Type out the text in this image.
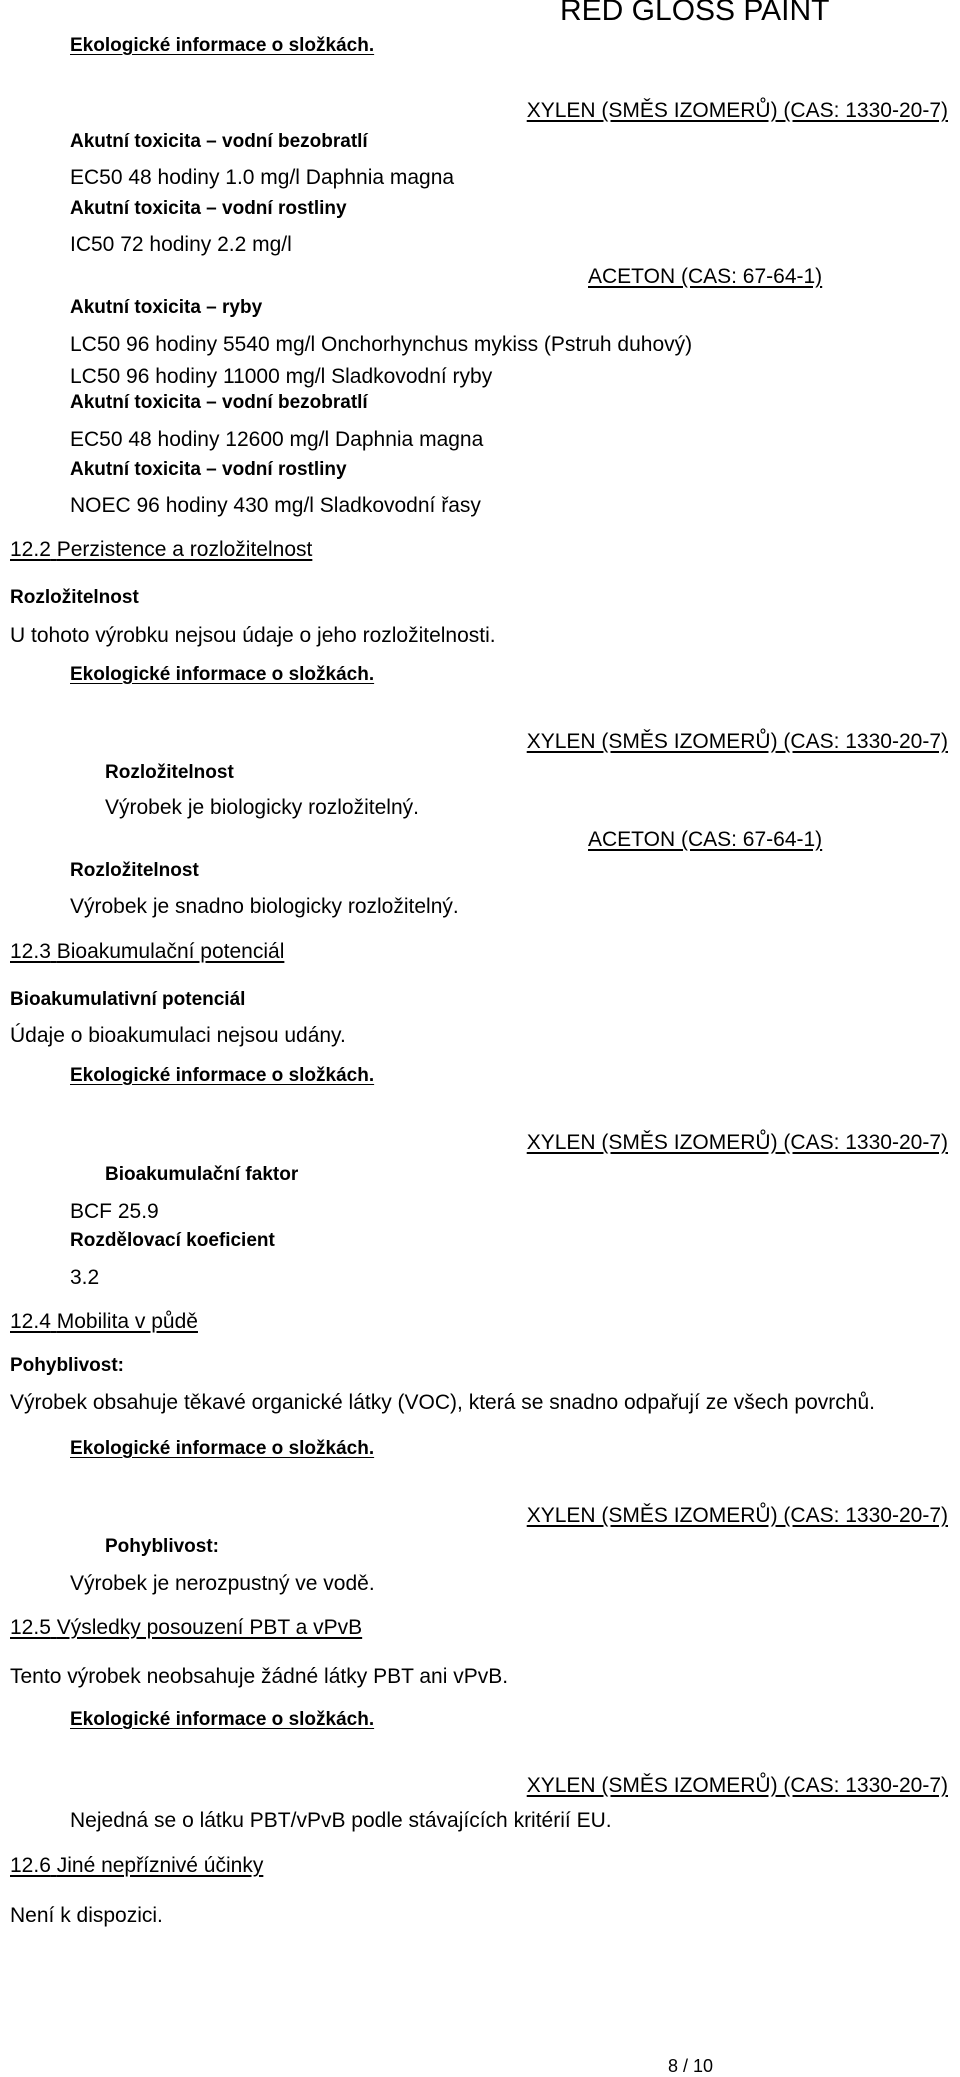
RED GLOSS PAINT
Ekologické informace o složkách.
XYLEN (SMĚS IZOMERŮ) (CAS: 1330-20-7)
Akutní toxicita – vodní bezobratlí
EC50 48 hodiny 1.0 mg/l Daphnia magna
Akutní toxicita – vodní rostliny
IC50 72 hodiny 2.2 mg/l
ACETON (CAS: 67-64-1)
Akutní toxicita – ryby
LC50 96 hodiny 5540 mg/l Onchorhynchus mykiss (Pstruh duhový)
LC50 96 hodiny 11000 mg/l Sladkovodní ryby
Akutní toxicita – vodní bezobratlí
EC50 48 hodiny 12600 mg/l Daphnia magna
Akutní toxicita – vodní rostliny
NOEC 96 hodiny 430 mg/l Sladkovodní řasy
12.2 Perzistence a rozložitelnost
Rozložitelnost
U tohoto výrobku nejsou údaje o jeho rozložitelnosti.
Ekologické informace o složkách.
XYLEN (SMĚS IZOMERŮ) (CAS: 1330-20-7)
Rozložitelnost
Výrobek je biologicky rozložitelný.
ACETON (CAS: 67-64-1)
Rozložitelnost
Výrobek je snadno biologicky rozložitelný.
12.3 Bioakumulační potenciál
Bioakumulativní potenciál
Údaje o bioakumulaci nejsou udány.
Ekologické informace o složkách.
XYLEN (SMĚS IZOMERŮ) (CAS: 1330-20-7)
Bioakumulační faktor
BCF 25.9
Rozdělovací koeficient
3.2
12.4 Mobilita v půdě
Pohyblivost:
Výrobek obsahuje těkavé organické látky (VOC), která se snadno odpařují ze všech povrchů.
Ekologické informace o složkách.
XYLEN (SMĚS IZOMERŮ) (CAS: 1330-20-7)
Pohyblivost:
Výrobek je nerozpustný ve vodě.
12.5 Výsledky posouzení PBT a vPvB
Tento výrobek neobsahuje žádné látky PBT ani vPvB.
Ekologické informace o složkách.
XYLEN (SMĚS IZOMERŮ) (CAS: 1330-20-7)
Nejedná se o látku PBT/vPvB podle stávajících kritérií EU.
12.6 Jiné nepříznivé účinky
Není k dispozici.
8 / 10
